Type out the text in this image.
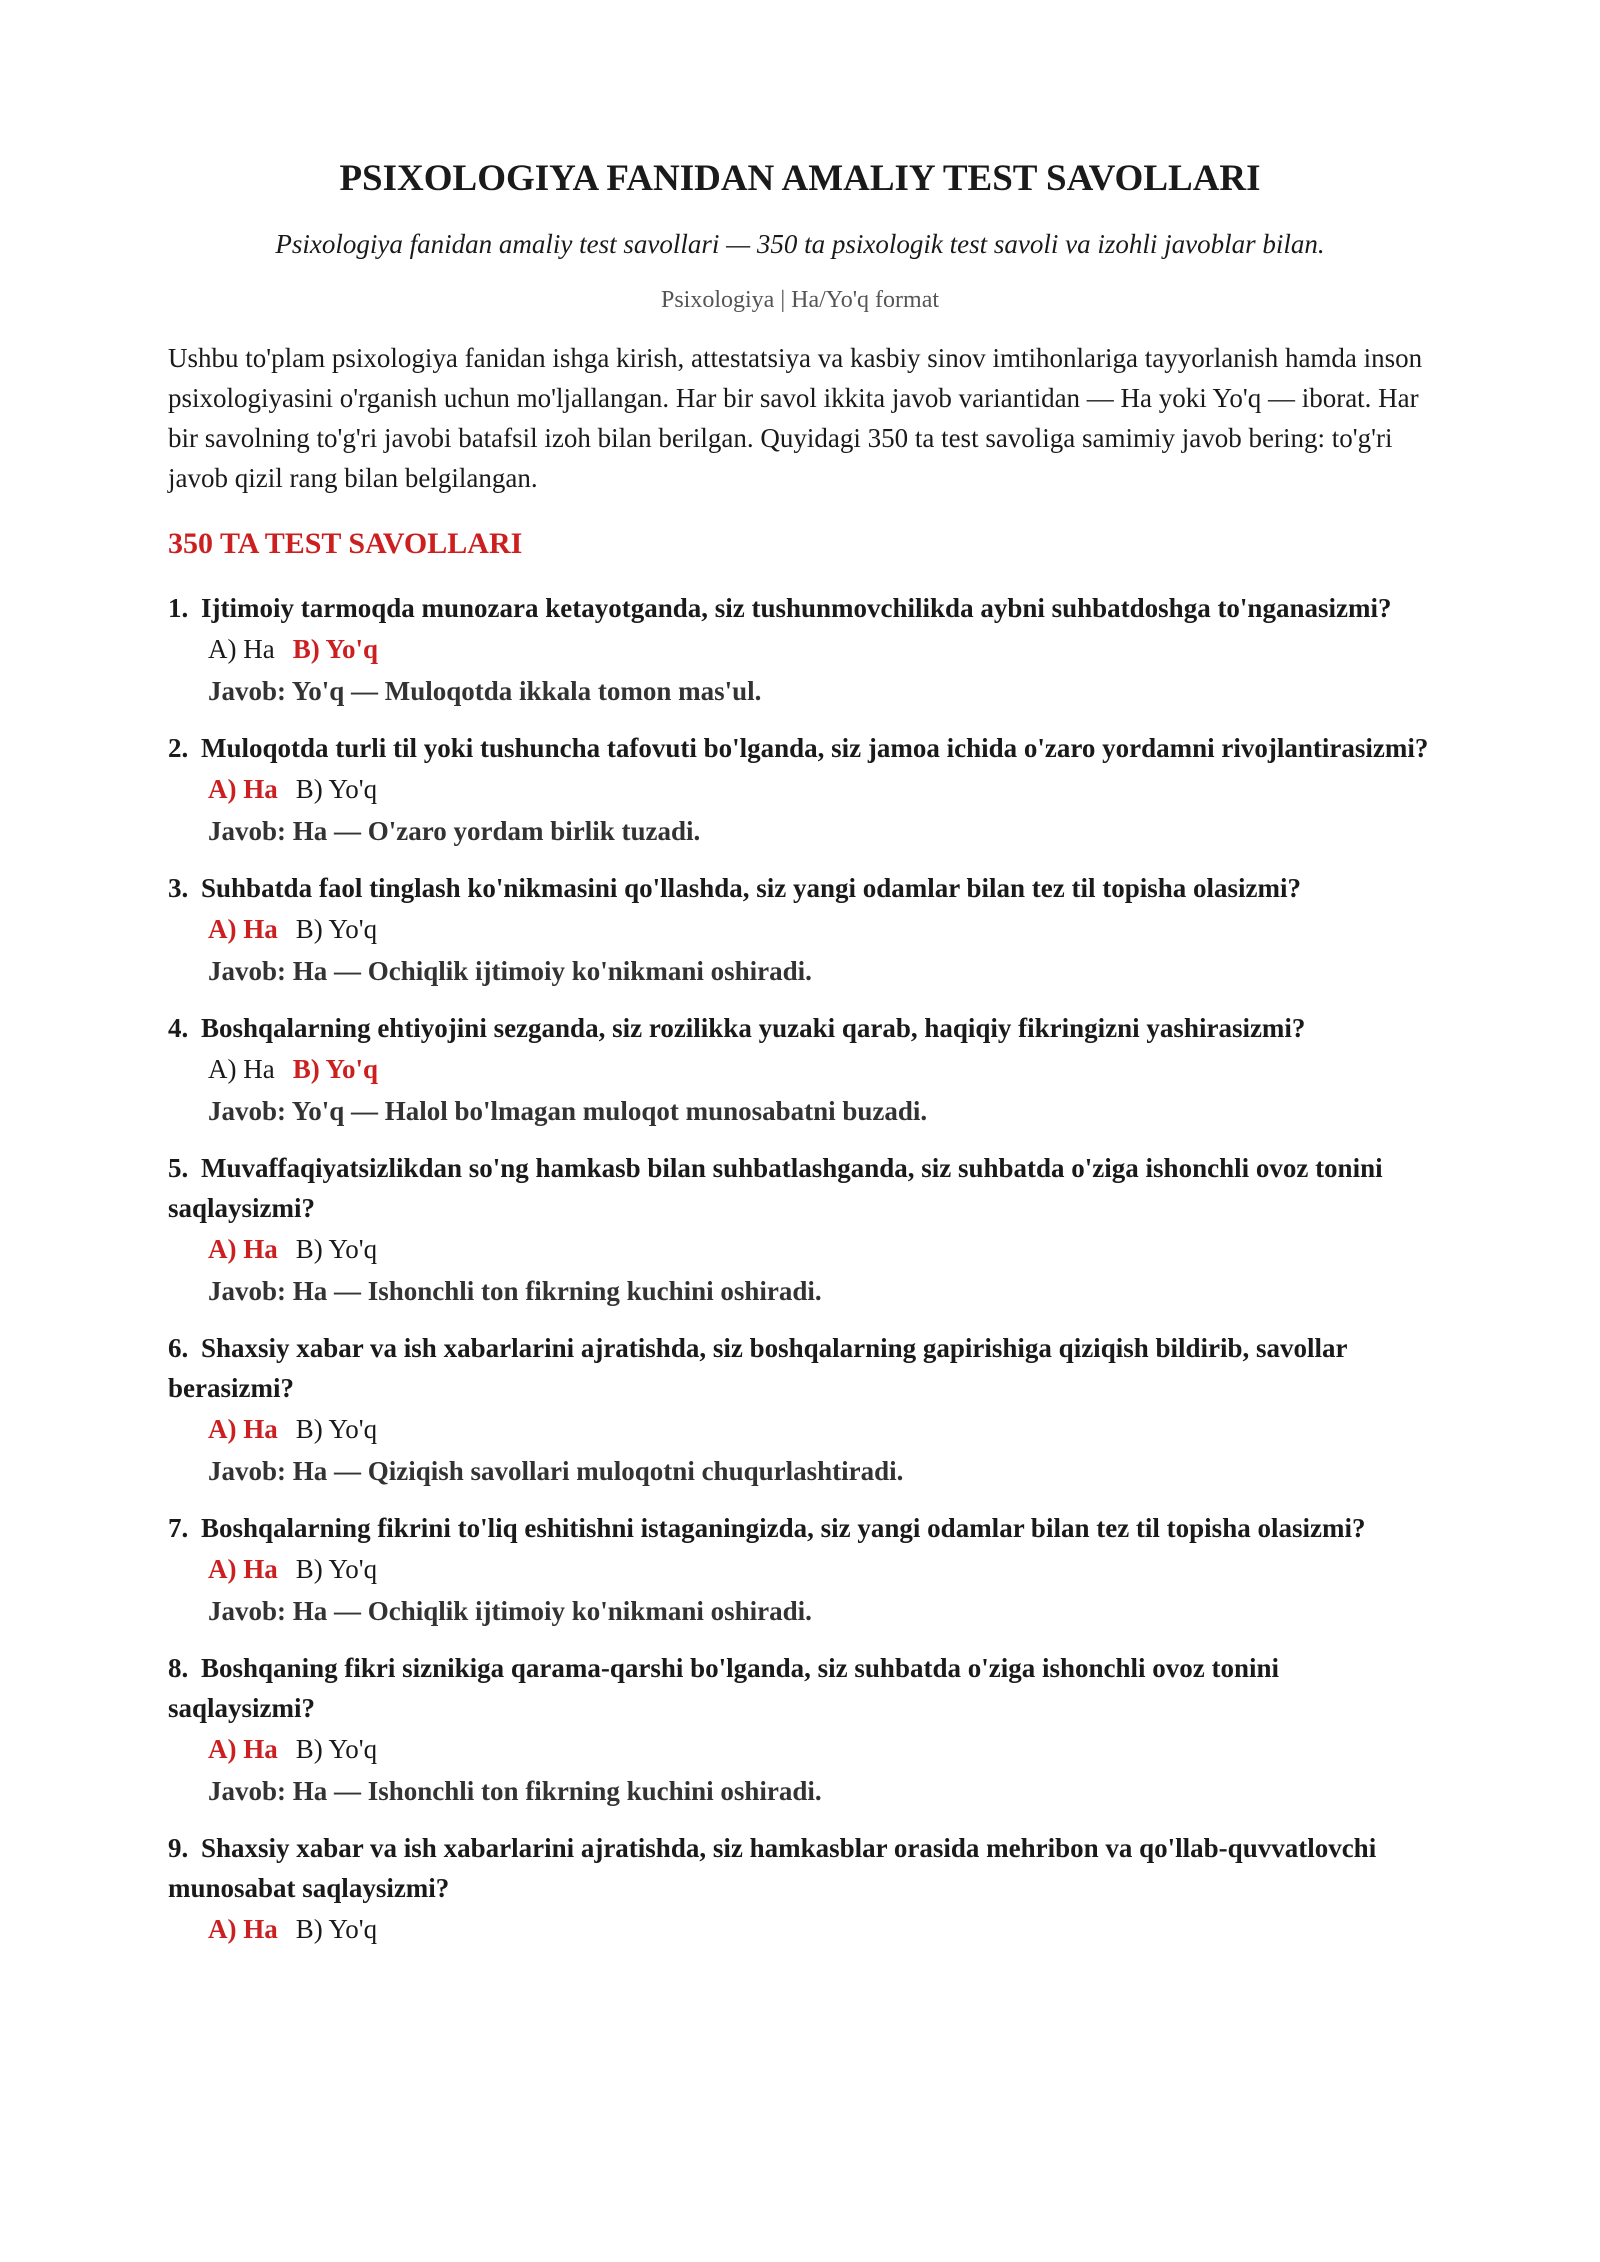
PSIXOLOGIYA FANIDAN AMALIY TEST SAVOLLARI

Psixologiya fanidan amaliy test savollari — 350 ta psixologik test savoli va izohli javoblar bilan.

Psixologiya | Ha/Yo'q format

Ushbu to'plam psixologiya fanidan ishga kirish, attestatsiya va kasbiy sinov imtihonlariga tayyorlanish hamda inson psixologiyasini o'rganish uchun mo'ljallangan. Har bir savol ikkita javob variantidan — Ha yoki Yo'q — iborat. Har bir savolning to'g'ri javobi batafsil izoh bilan berilgan. Quyidagi 350 ta test savoliga samimiy javob bering: to'g'ri javob qizil rang bilan belgilangan.

350 TA TEST SAVOLLARI
1. Ijtimoiy tarmoqda munozara ketayotganda, siz tushunmovchilikda aybni suhbatdoshga to'nganasizmi?
A) Ha B) Yo'q
Javob: Yo'q — Muloqotda ikkala tomon mas'ul.
2. Muloqotda turli til yoki tushuncha tafovuti bo'lganda, siz jamoa ichida o'zaro yordamni rivojlantirasizmi?
A) Ha B) Yo'q
Javob: Ha — O'zaro yordam birlik tuzadi.
3. Suhbatda faol tinglash ko'nikmasini qo'llashda, siz yangi odamlar bilan tez til topisha olasizmi?
A) Ha B) Yo'q
Javob: Ha — Ochiqlik ijtimoiy ko'nikmani oshiradi.
4. Boshqalarning ehtiyojini sezganda, siz rozilikka yuzaki qarab, haqiqiy fikringizni yashirasizmi?
A) Ha B) Yo'q
Javob: Yo'q — Halol bo'lmagan muloqot munosabatni buzadi.
5. Muvaffaqiyatsizlikdan so'ng hamkasb bilan suhbatlashganda, siz suhbatda o'ziga ishonchli ovoz tonini saqlaysizmi?
A) Ha B) Yo'q
Javob: Ha — Ishonchli ton fikrning kuchini oshiradi.
6. Shaxsiy xabar va ish xabarlarini ajratishda, siz boshqalarning gapirishiga qiziqish bildirib, savollar berasizmi?
A) Ha B) Yo'q
Javob: Ha — Qiziqish savollari muloqotni chuqurlashtiradi.
7. Boshqalarning fikrini to'liq eshitishni istaganingizda, siz yangi odamlar bilan tez til topisha olasizmi?
A) Ha B) Yo'q
Javob: Ha — Ochiqlik ijtimoiy ko'nikmani oshiradi.
8. Boshqaning fikri siznikiga qarama-qarshi bo'lganda, siz suhbatda o'ziga ishonchli ovoz tonini saqlaysizmi?
A) Ha B) Yo'q
Javob: Ha — Ishonchli ton fikrning kuchini oshiradi.
9. Shaxsiy xabar va ish xabarlarini ajratishda, siz hamkasblar orasida mehribon va qo'llab-quvvatlovchi munosabat saqlaysizmi?
A) Ha B) Yo'q
